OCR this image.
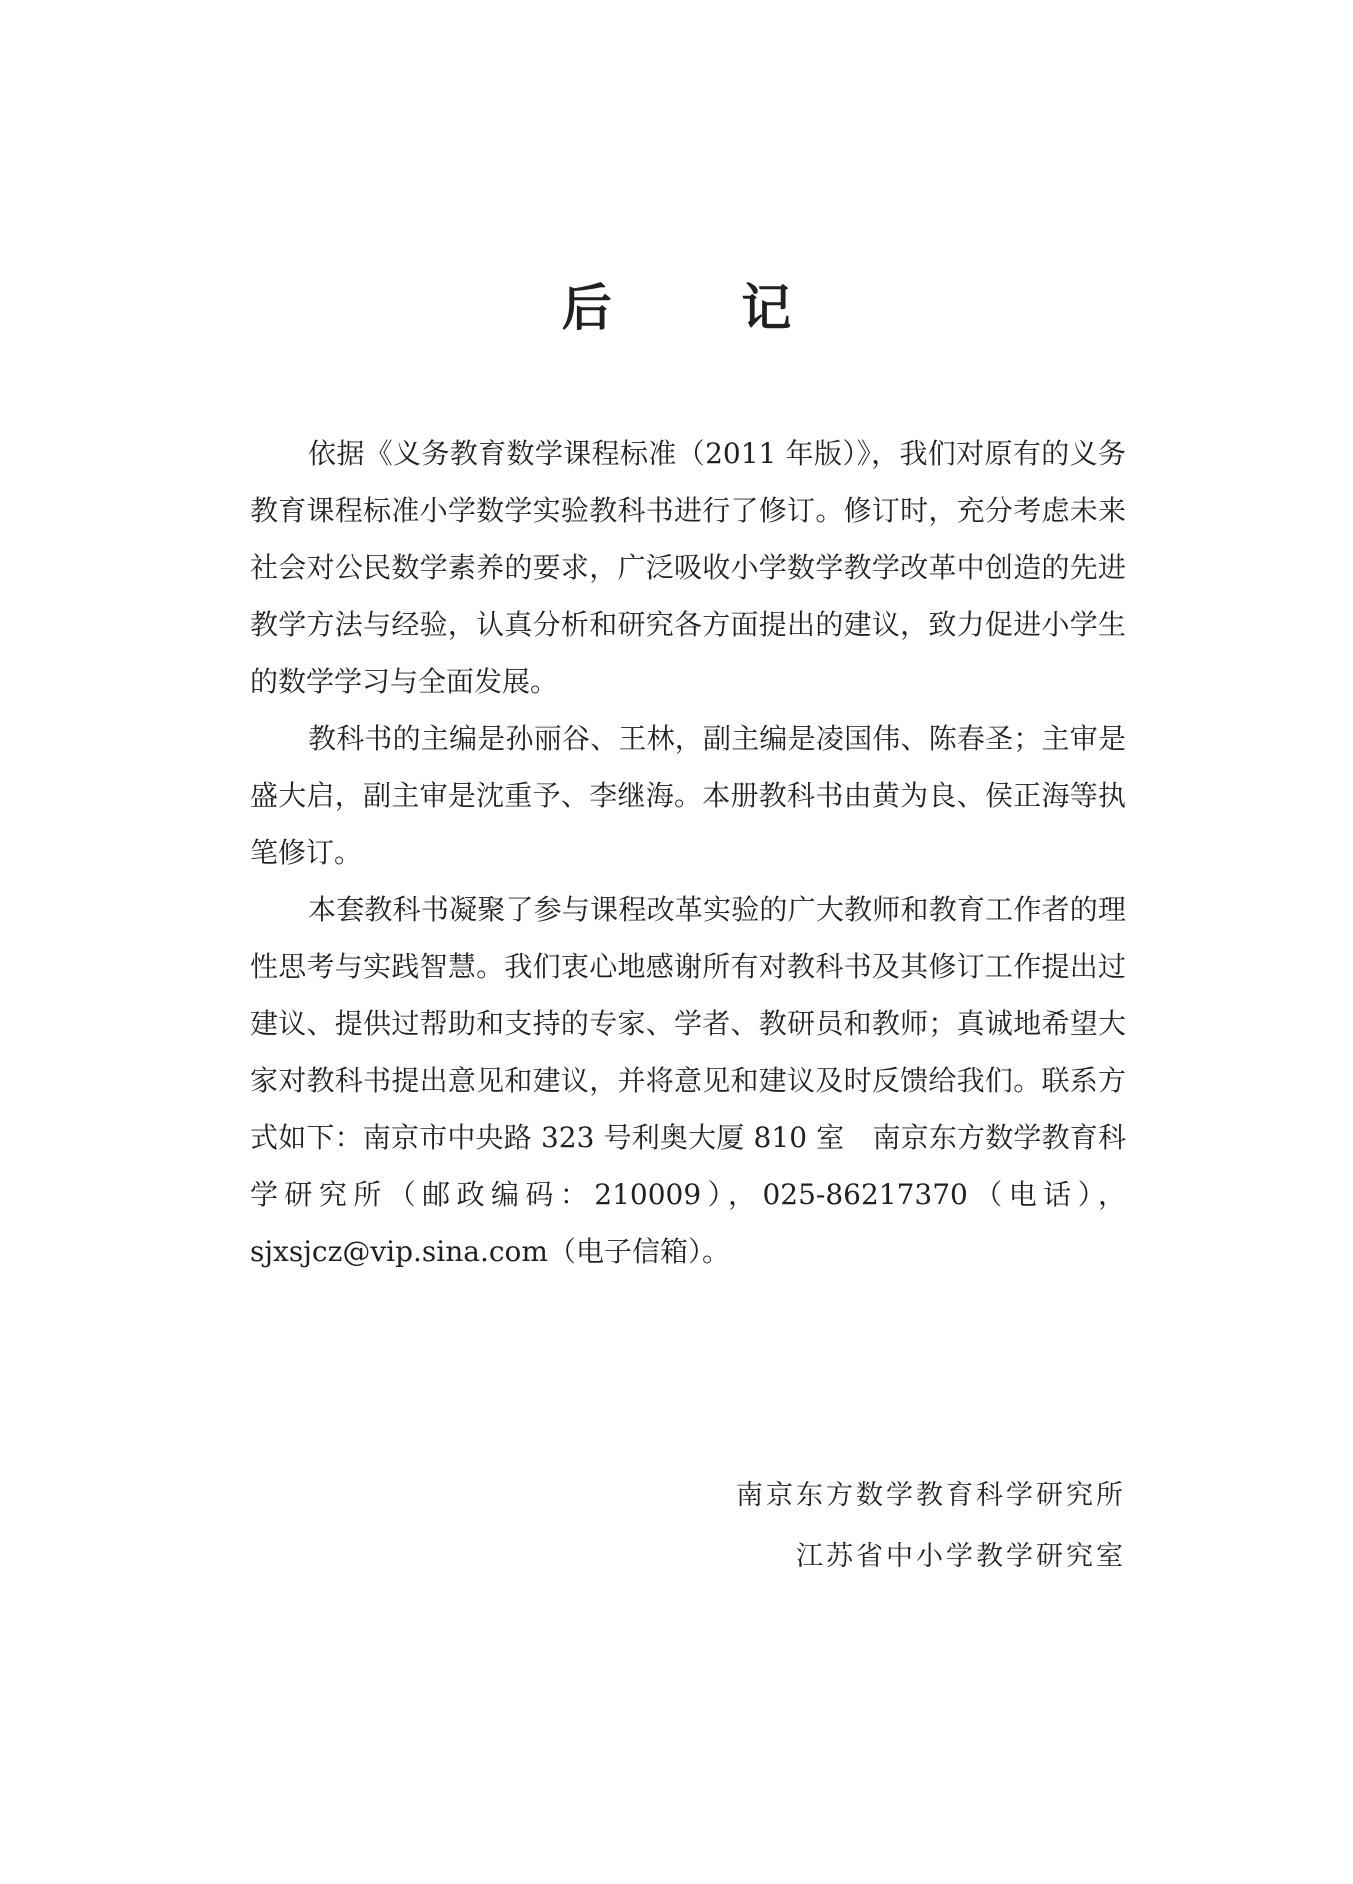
后 记

依据《义务教育数学课程标准（2011 年版）》，我们对原有的义务教育课程标准小学数学实验教科书进行了修订。修订时，充分考虑未来社会对公民数学素养的要求，广泛吸收小学数学教学改革中创造的先进教学方法与经验，认真分析和研究各方面提出的建议，致力促进小学生的数学学习与全面发展。

教科书的主编是孙丽谷、王林，副主编是凌国伟、陈春圣；主审是盛大启，副主审是沈重予、李继海。本册教科书由黄为良、侯正海等执笔修订。

本套教科书凝聚了参与课程改革实验的广大教师和教育工作者的理性思考与实践智慧。我们衷心地感谢所有对教科书及其修订工作提出过建议、提供过帮助和支持的专家、学者、教研员和教师；真诚地希望大家对教科书提出意见和建议，并将意见和建议及时反馈给我们。联系方式如下：南京市中央路 323 号利奥大厦 810 室　南京东方数学教育科学研究所（邮政编码：210009），025-86217370（电话），sjxsjcz@vip.sina.com（电子信箱）。

南京东方数学教育科学研究所
江苏省中小学教学研究室
